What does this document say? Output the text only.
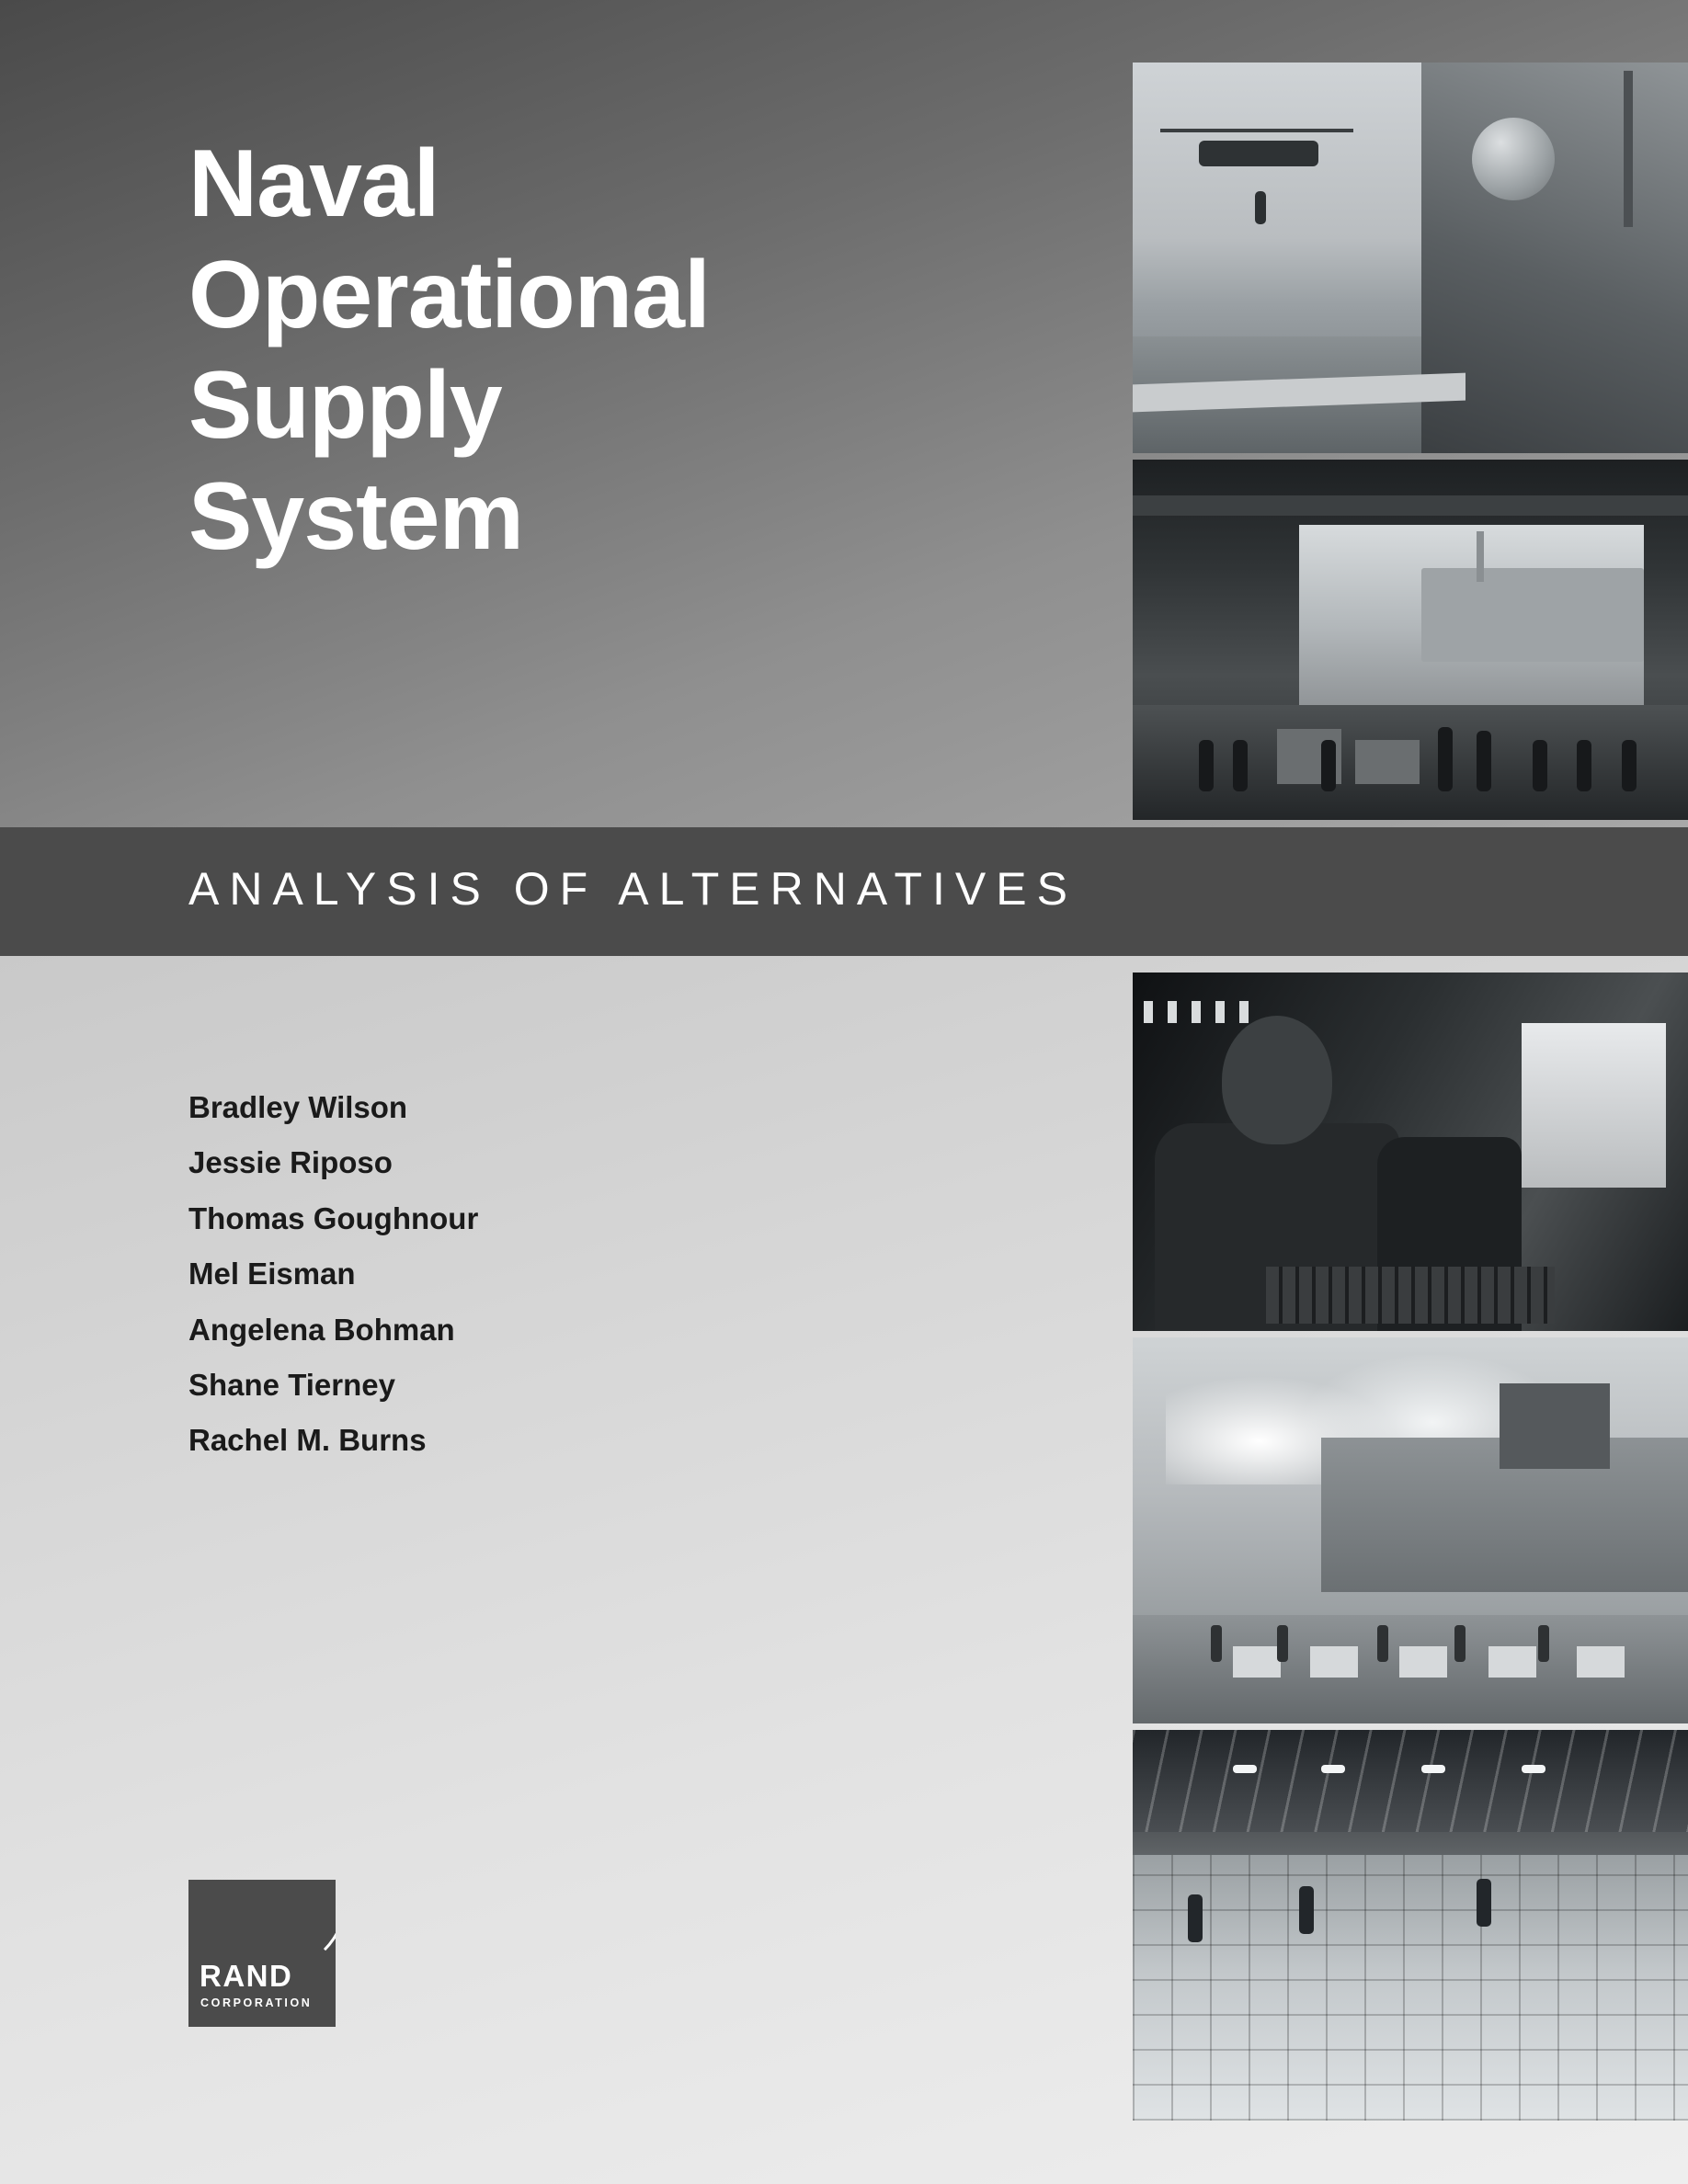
Naval
Operational
Supply
System
ANALYSIS OF ALTERNATIVES
Bradley Wilson
Jessie Riposo
Thomas Goughnour
Mel Eisman
Angelena Bohman
Shane Tierney
Rachel M. Burns
RAND
CORPORATION
